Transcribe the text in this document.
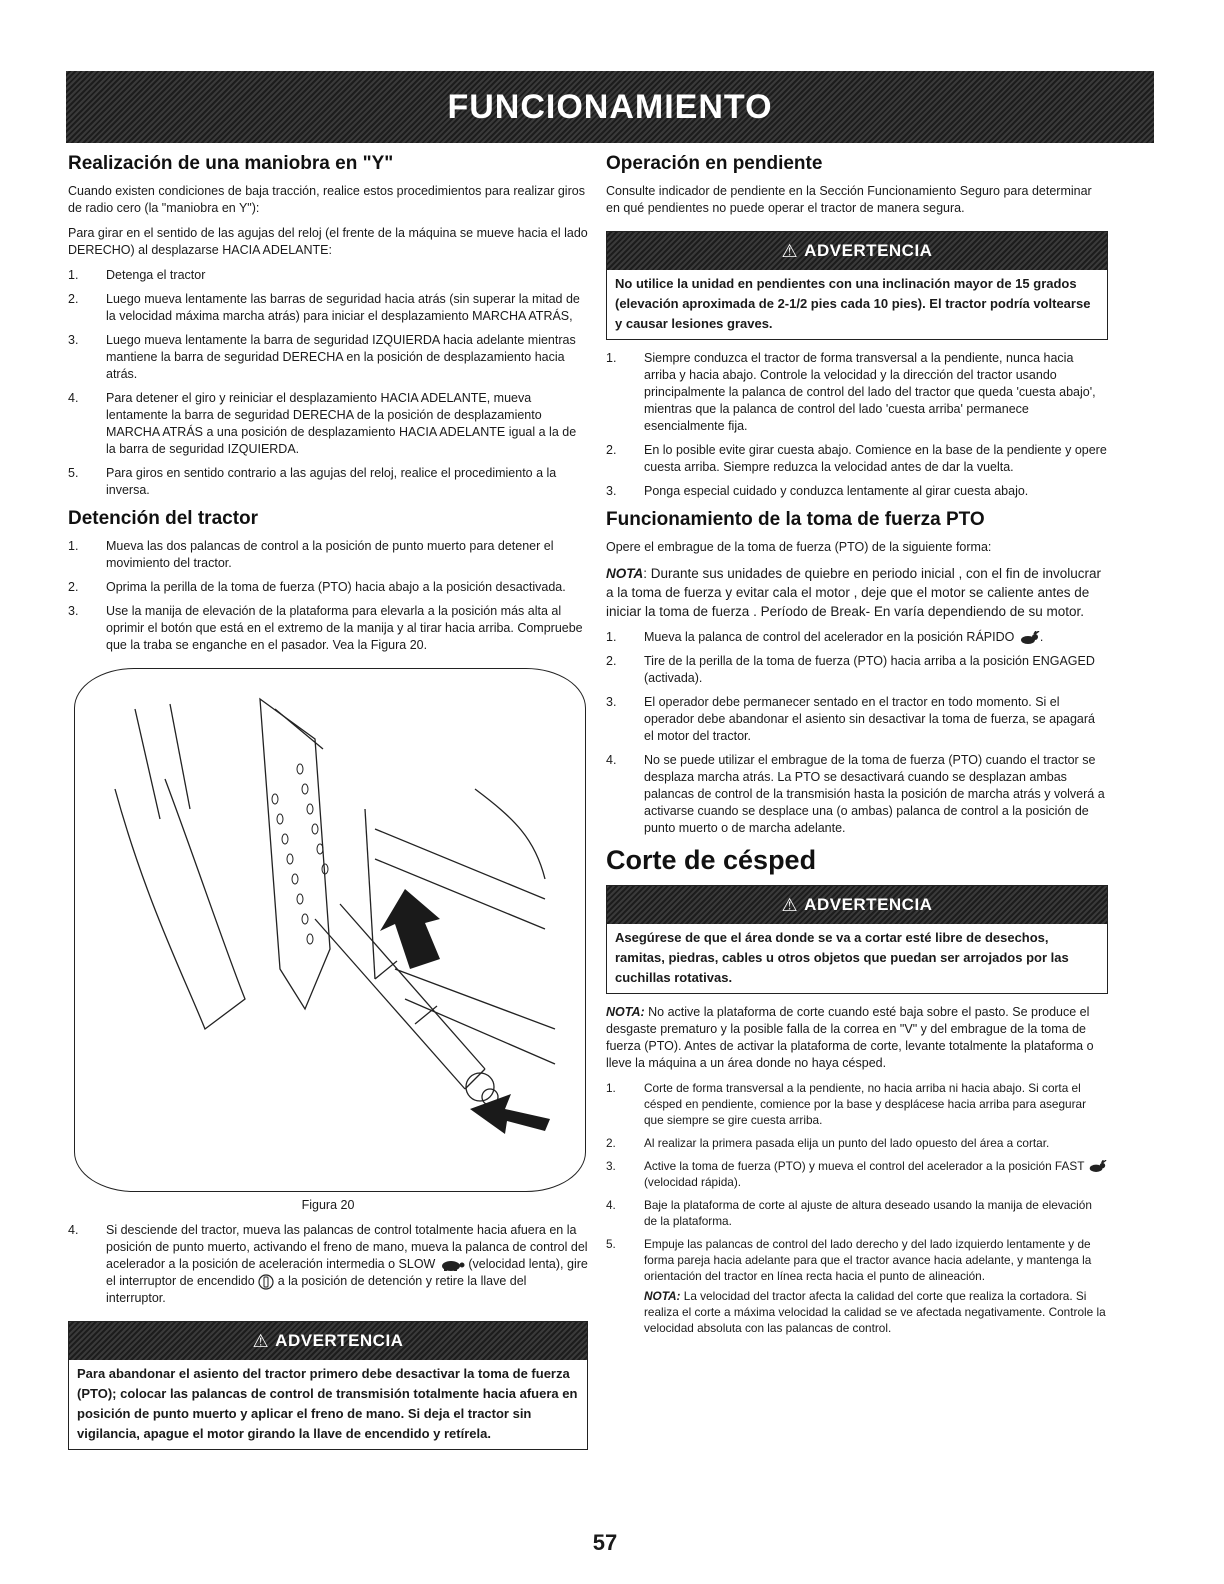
FUNCIONAMIENTO
Realización de una maniobra en "Y"

Cuando existen condiciones de baja tracción, realice estos procedimientos para realizar giros de radio cero (la "maniobra en Y"):

Para girar en el sentido de las agujas del reloj (el frente de la máquina se mueve hacia el lado DERECHO) al desplazarse HACIA ADELANTE:

1. Detenga el tractor
2. Luego mueva lentamente las barras de seguridad hacia atrás (sin superar la mitad de la velocidad máxima marcha atrás) para iniciar el desplazamiento MARCHA ATRÁS,
3. Luego mueva lentamente la barra de seguridad IZQUIERDA hacia adelante mientras mantiene la barra de seguridad DERECHA en la posición de desplazamiento hacia atrás.
4. Para detener el giro y reiniciar el desplazamiento HACIA ADELANTE, mueva lentamente la barra de seguridad DERECHA de la posición de desplazamiento MARCHA ATRÁS a una posición de desplazamiento HACIA ADELANTE igual a la de la barra de seguridad IZQUIERDA.
5. Para giros en sentido contrario a las agujas del reloj, realice el procedimiento a la inversa.
Detención del tractor
1. Mueva las dos palancas de control a la posición de punto muerto para detener el movimiento del tractor.
2. Oprima la perilla de la toma de fuerza (PTO) hacia abajo a la posición desactivada.
3. Use la manija de elevación de la plataforma para elevarla a la posición más alta al oprimir el botón que está en el extremo de la manija y al tirar hacia arriba. Compruebe que la traba se enganche en el pasador. Vea la Figura 20.
Figura 20
4. Si desciende del tractor, mueva las palancas de control totalmente hacia afuera en la posición de punto muerto, activando el freno de mano, mueva la palanca de control del acelerador a la posición de aceleración intermedia o SLOW	(velocidad lenta), gire el interruptor de encendido a la posición de detención y retire la llave del interruptor.
⚠ ADVERTENCIA
Para abandonar el asiento del tractor primero debe desactivar la toma de fuerza (PTO); colocar las palancas de control de transmisión totalmente hacia afuera en posición de punto muerto y aplicar el freno de mano. Si deja el tractor sin vigilancia, apague el motor girando la llave de encendido y retírela.
Operación en pendiente

Consulte indicador de pendiente en la Sección Funcionamiento Seguro para determinar en qué pendientes no puede operar el tractor de manera segura.

⚠ ADVERTENCIA
No utilice la unidad en pendientes con una inclinación mayor de 15 grados (elevación aproximada de 2-1/2 pies cada 10 pies). El tractor podría voltearse y causar lesiones graves.
1. Siempre conduzca el tractor de forma transversal a la pendiente, nunca hacia arriba y hacia abajo. Controle la velocidad y la dirección del tractor usando principalmente la palanca de control del lado del tractor que queda 'cuesta abajo', mientras que la palanca de control del lado 'cuesta arriba' permanece esencialmente fija.
2. En lo posible evite girar cuesta abajo. Comience en la base de la pendiente y opere cuesta arriba. Siempre reduzca la velocidad antes de dar la vuelta.
3. Ponga especial cuidado y conduzca lentamente al girar cuesta abajo.
Funcionamiento de la toma de fuerza PTO

Opere el embrague de la toma de fuerza (PTO) de la siguiente forma:

NOTA: Durante sus unidades de quiebre en periodo inicial , con el fin de involucrar a la toma de fuerza y evitar cala el motor , deje que el motor se caliente antes de iniciar la toma de fuerza . Período de Break- En varía dependiendo de su motor.

1. Mueva la palanca de control del acelerador en la posición RÁPIDO .
2. Tire de la perilla de la toma de fuerza (PTO) hacia arriba a la posición ENGAGED (activada).
3. El operador debe permanecer sentado en el tractor en todo momento. Si el operador debe abandonar el asiento sin desactivar la toma de fuerza, se apagará el motor del tractor.
4. No se puede utilizar el embrague de la toma de fuerza (PTO) cuando el tractor se desplaza marcha atrás. La PTO se desactivará cuando se desplazan ambas palancas de control de la transmisión hasta la posición de marcha atrás y volverá a activarse cuando se desplace una (o ambas) palanca de control a la posición de punto muerto o de marcha adelante.
Corte de césped
⚠ ADVERTENCIA
Asegúrese de que el área donde se va a cortar esté libre de desechos, ramitas, piedras, cables u otros objetos que puedan ser arrojados por las cuchillas rotativas.

NOTA: No active la plataforma de corte cuando esté baja sobre el pasto. Se produce el desgaste prematuro y la posible falla de la correa en "V" y del embrague de la toma de fuerza (PTO). Antes de activar la plataforma de corte, levante totalmente la plataforma o lleve la máquina a un área donde no haya césped.

1. Corte de forma transversal a la pendiente, no hacia arriba ni hacia abajo. Si corta el césped en pendiente, comience por la base y desplácese hacia arriba para asegurar que siempre se gire cuesta arriba.
2. Al realizar la primera pasada elija un punto del lado opuesto del área a cortar.
3. Active la toma de fuerza (PTO) y mueva el control del acelerador a la posición FAST  (velocidad rápida).
4. Baje la plataforma de corte al ajuste de altura deseado usando la manija de elevación de la plataforma.
5. Empuje las palancas de control del lado derecho y del lado izquierdo lentamente y de forma pareja hacia adelante para que el tractor avance hacia adelante, y mantenga la orientación del tractor en línea recta hacia el punto de alineación.
NOTA: La velocidad del tractor afecta la calidad del corte que realiza la cortadora. Si realiza el corte a máxima velocidad la calidad se ve afectada negativamente. Controle la velocidad absoluta con las palancas de control.
57
